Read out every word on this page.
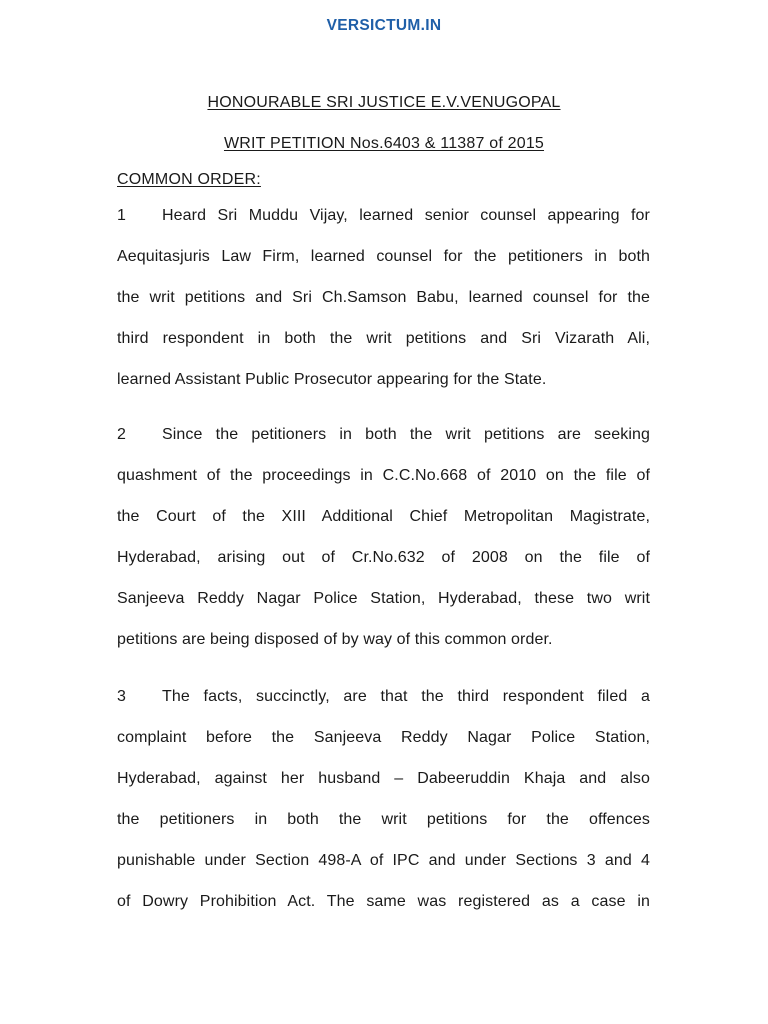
VERSICTUM.IN
HONOURABLE SRI JUSTICE E.V.VENUGOPAL
WRIT PETITION Nos.6403 & 11387 of 2015
COMMON ORDER:
1 Heard Sri Muddu Vijay, learned senior counsel appearing for
Aequitasjuris Law Firm, learned counsel for the petitioners in both
the writ petitions and Sri Ch.Samson Babu, learned counsel for the
third respondent in both the writ petitions and Sri Vizarath Ali,
learned Assistant Public Prosecutor appearing for the State.
2 Since the petitioners in both the writ petitions are seeking
quashment of the proceedings in C.C.No.668 of 2010 on the file of
the Court of the XIII Additional Chief Metropolitan Magistrate,
Hyderabad, arising out of Cr.No.632 of 2008 on the file of
Sanjeeva Reddy Nagar Police Station, Hyderabad, these two writ
petitions are being disposed of by way of this common order.
3 The facts, succinctly, are that the third respondent filed a
complaint before the Sanjeeva Reddy Nagar Police Station,
Hyderabad, against her husband – Dabeeruddin Khaja and also
the petitioners in both the writ petitions for the offences
punishable under Section 498-A of IPC and under Sections 3 and 4
of Dowry Prohibition Act. The same was registered as a case in
